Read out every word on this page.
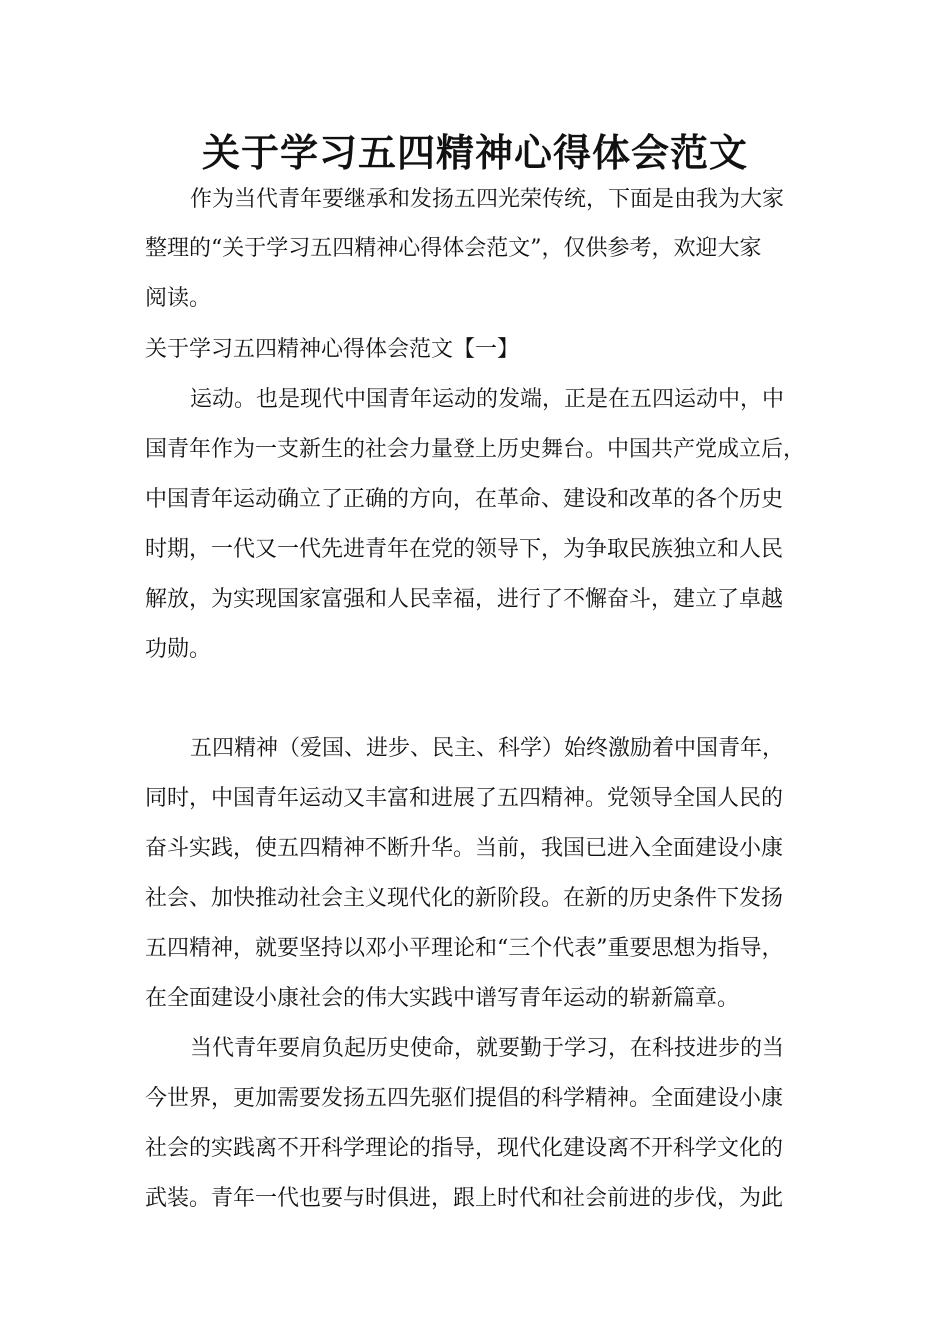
关于学习五四精神心得体会范文

作为当代青年要继承和发扬五四光荣传统，下面是由我为大家

整理的“关于学习五四精神心得体会范文”，仅供参考，欢迎大家

阅读。

关于学习五四精神心得体会范文【一】

运动。也是现代中国青年运动的发端，正是在五四运动中，中

国青年作为一支新生的社会力量登上历史舞台。中国共产党成立后，

中国青年运动确立了正确的方向，在革命、建设和改革的各个历史

时期，一代又一代先进青年在党的领导下，为争取民族独立和人民

解放，为实现国家富强和人民幸福，进行了不懈奋斗，建立了卓越

功勋。

五四精神（爱国、进步、民主、科学）始终激励着中国青年，

同时，中国青年运动又丰富和进展了五四精神。党领导全国人民的

奋斗实践，使五四精神不断升华。当前，我国已进入全面建设小康

社会、加快推动社会主义现代化的新阶段。在新的历史条件下发扬

五四精神，就要坚持以邓小平理论和“三个代表”重要思想为指导，

在全面建设小康社会的伟大实践中谱写青年运动的崭新篇章。

当代青年要肩负起历史使命，就要勤于学习，在科技进步的当

今世界，更加需要发扬五四先驱们提倡的科学精神。全面建设小康

社会的实践离不开科学理论的指导，现代化建设离不开科学文化的

武装。青年一代也要与时俱进，跟上时代和社会前进的步伐，为此
